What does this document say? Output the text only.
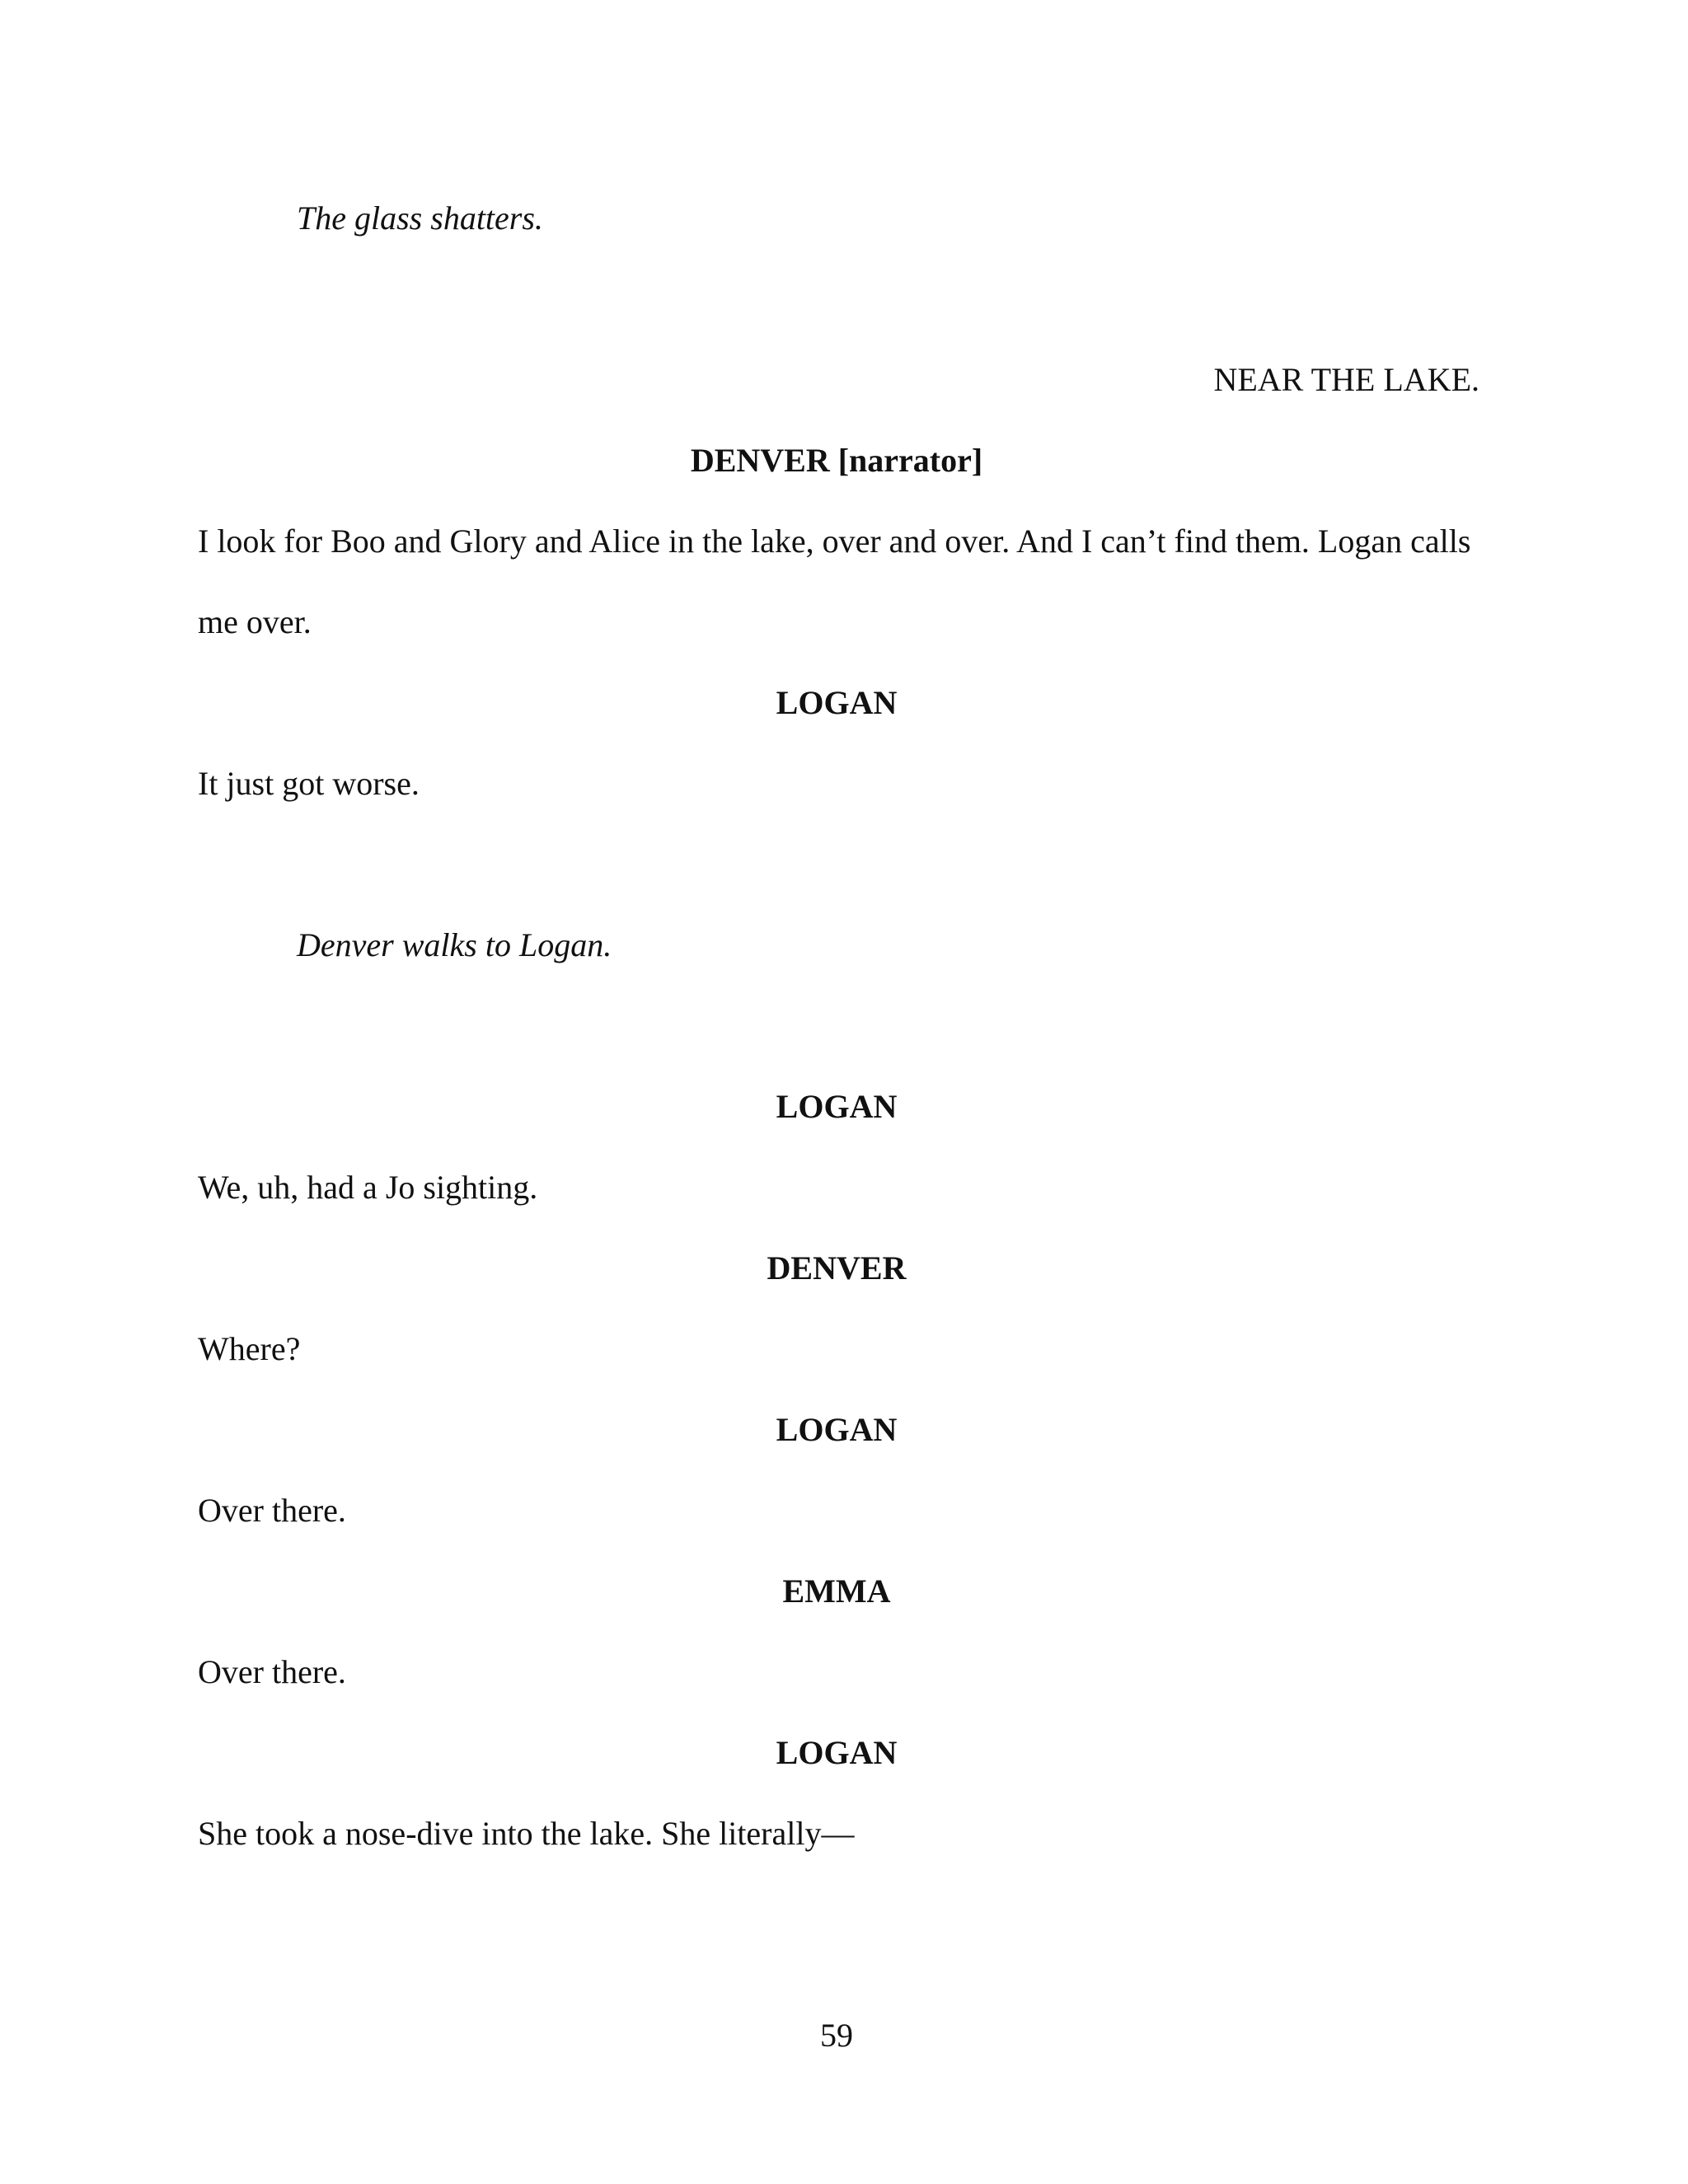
The glass shatters.

NEAR THE LAKE.

DENVER [narrator]

I look for Boo and Glory and Alice in the lake, over and over. And I can’t find them. Logan calls

me over.

LOGAN

It just got worse.

Denver walks to Logan.

LOGAN

We, uh, had a Jo sighting.

DENVER

Where?

LOGAN

Over there.

EMMA

Over there.

LOGAN

She took a nose-dive into the lake. She literally—

59
